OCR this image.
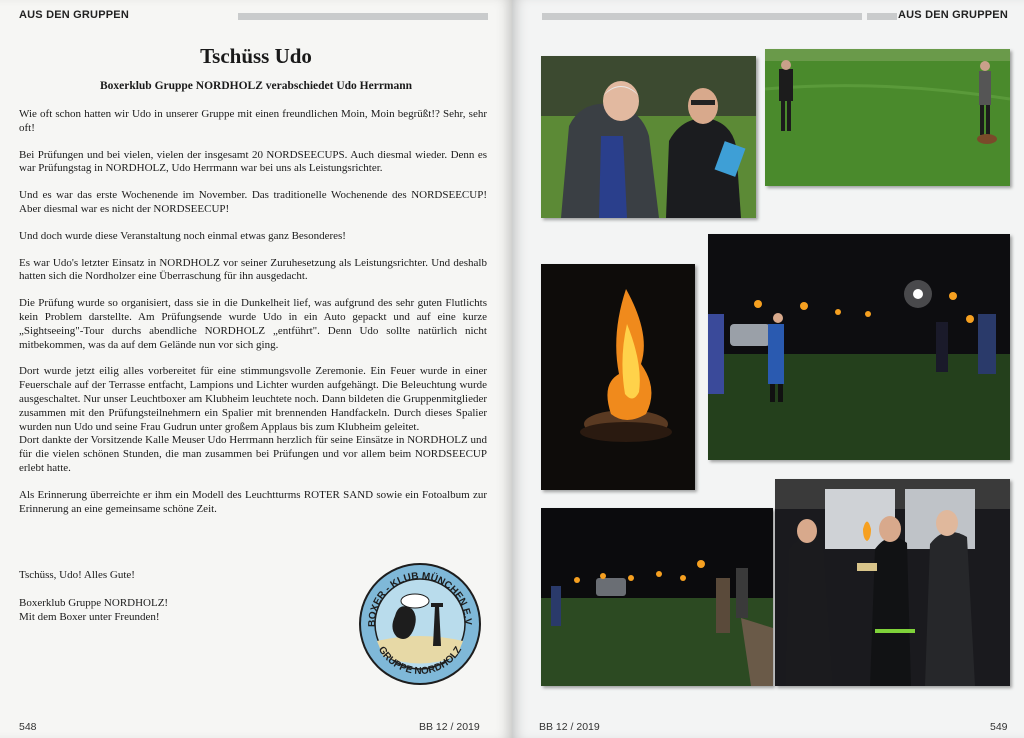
AUS DEN GRUPPEN
Tschüss Udo
Boxerklub Gruppe NORDHOLZ verabschiedet Udo Herrmann

Wie oft schon hatten wir Udo in unserer Gruppe mit einen freundlichen Moin, Moin begrüßt!? Sehr, sehr oft!

Bei Prüfungen und bei vielen, vielen der insgesamt 20 NORDSEECUPS. Auch diesmal wieder. Denn es war Prüfungstag in NORDHOLZ, Udo Herrmann war bei uns als Leistungsrichter.

Und es war das erste Wochenende im November. Das traditionelle Wochenende des NORDSEECUP! Aber diesmal war es nicht der NORDSEECUP!

Und doch wurde diese Veranstaltung noch einmal etwas ganz Besonderes!

Es war Udo's letzter Einsatz in NORDHOLZ vor seiner Zuruhesetzung als Leistungsrichter. Und deshalb hatten sich die Nordholzer eine Überraschung für ihn ausgedacht.

Die Prüfung wurde so organisiert, dass sie in die Dunkelheit lief, was aufgrund des sehr guten Flutlichts kein Problem darstellte. Am Prüfungsende wurde Udo in ein Auto gepackt und auf eine kurze „Sightseeing"-Tour durchs abendliche NORDHOLZ „entführt". Denn Udo sollte natürlich nicht mitbekommen, was da auf dem Gelände nun vor sich ging.

Dort wurde jetzt eilig alles vorbereitet für eine stimmungsvolle Zeremonie. Ein Feuer wurde in einer Feuerschale auf der Terrasse entfacht, Lampions und Lichter wurden aufgehängt. Die Beleuchtung wurde ausgeschaltet. Nur unser Leuchtboxer am Klubheim leuchtete noch. Dann bildeten die Gruppenmitglieder zusammen mit den Prüfungsteilnehmern ein Spalier mit brennenden Handfackeln. Durch dieses Spalier wurden nun Udo und seine Frau Gudrun unter großem Applaus bis zum Klubheim geleitet.

Dort dankte der Vorsitzende Kalle Meuser Udo Herrmann herzlich für seine Einsätze in NORDHOLZ und für die vielen schönen Stunden, die man zusammen bei Prüfungen und vor allem beim NORDSEECUP erlebt hatte.

Als Erinnerung überreichte er ihm ein Modell des Leuchtturms ROTER SAND sowie ein Fotoalbum zur Erinnerung an eine gemeinsame schöne Zeit.

Tschüss, Udo! Alles Gute!
Boxerklub Gruppe NORDHOLZ!
Mit dem Boxer unter Freunden!
BOXER - KLUB MÜNCHEN E.V
GRUPPE NORDHOLZ
548	BB 12 / 2019
AUS DEN GRUPPEN
BB 12 / 2019	549
